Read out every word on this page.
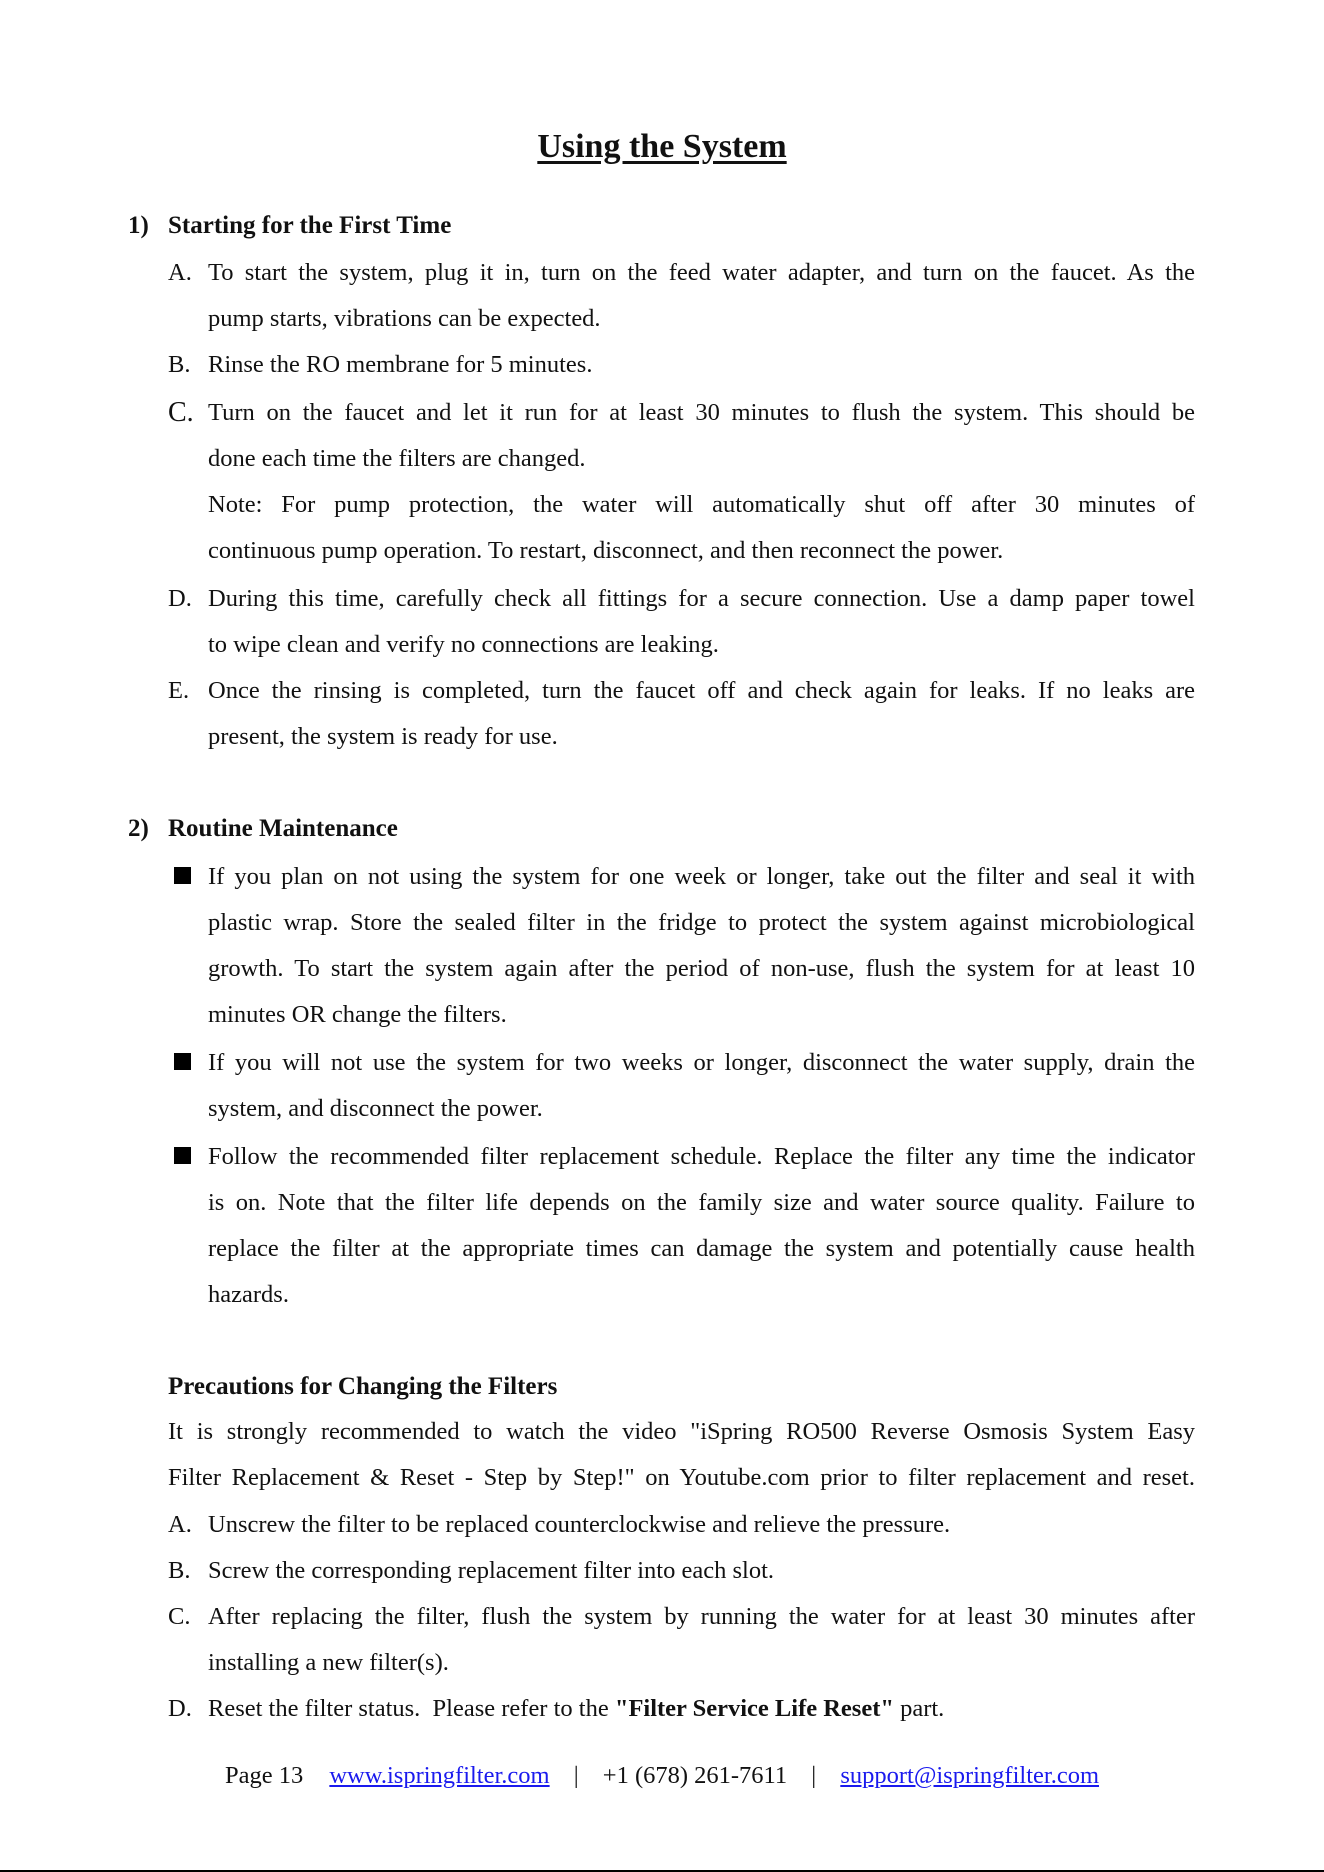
Using the System
1) Starting for the First Time
A. To start the system, plug it in, turn on the feed water adapter, and turn on the faucet. As the
pump starts, vibrations can be expected.
B. Rinse the RO membrane for 5 minutes.
C. Turn on the faucet and let it run for at least 30 minutes to flush the system. This should be
done each time the filters are changed.
Note: For pump protection, the water will automatically shut off after 30 minutes of
continuous pump operation. To restart, disconnect, and then reconnect the power.
D. During this time, carefully check all fittings for a secure connection. Use a damp paper towel
to wipe clean and verify no connections are leaking.
E. Once the rinsing is completed, turn the faucet off and check again for leaks. If no leaks are
present, the system is ready for use.
2) Routine Maintenance
If you plan on not using the system for one week or longer, take out the filter and seal it with
plastic wrap. Store the sealed filter in the fridge to protect the system against microbiological
growth. To start the system again after the period of non-use, flush the system for at least 10
minutes OR change the filters.
If you will not use the system for two weeks or longer, disconnect the water supply, drain the
system, and disconnect the power.
Follow the recommended filter replacement schedule. Replace the filter any time the indicator
is on. Note that the filter life depends on the family size and water source quality. Failure to
replace the filter at the appropriate times can damage the system and potentially cause health
hazards.
Precautions for Changing the Filters
It is strongly recommended to watch the video "iSpring RO500 Reverse Osmosis System Easy
Filter Replacement & Reset - Step by Step!" on Youtube.com prior to filter replacement and reset.
A. Unscrew the filter to be replaced counterclockwise and relieve the pressure.
B. Screw the corresponding replacement filter into each slot.
C. After replacing the filter, flush the system by running the water for at least 30 minutes after
installing a new filter(s).
D. Reset the filter status.  Please refer to the "Filter Service Life Reset" part.
Page 13 www.ispringfilter.com | +1 (678) 261-7611 | support@ispringfilter.com
